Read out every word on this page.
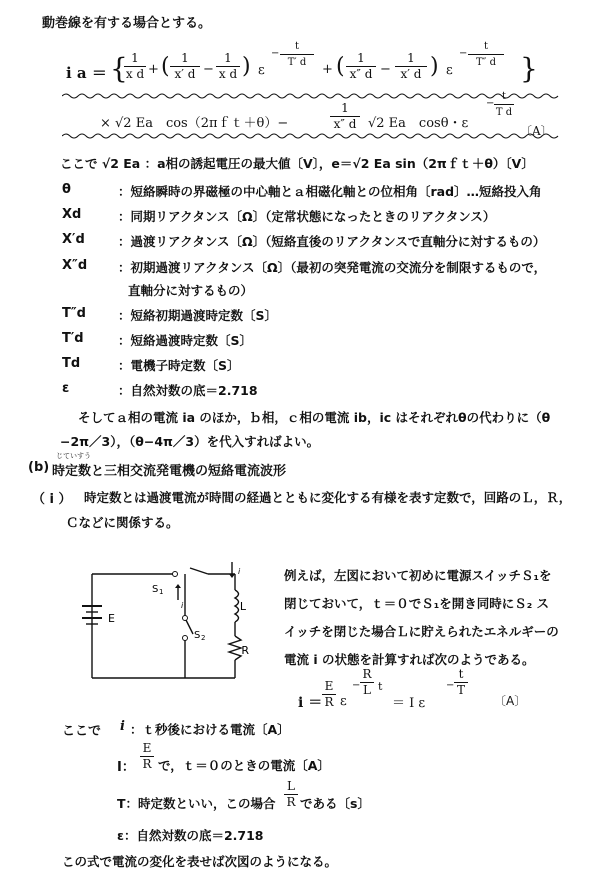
動巻線を有する場合とする。
i a ＝ { 1
x d + ( 1
x′ d −
1
x d ) ε
−
t
T′ d	+ (	1
x″ d −
1
x′ d ) ε
−
t
T″ d }
× √2 Ea　cos（2πｆｔ＋θ）−
1
x″ d √2 Ea　cosθ・ε
−
t
T d
〔A〕
ここで √2 Ea ：a相の誘起電圧の最大値〔V〕，e＝√2 Ea sin（2πｆｔ＋θ）〔V〕
θ	：短絡瞬時の界磁極の中心軸とａ相磁化軸との位相角〔rad〕…短絡投入角
Xd	：同期リアクタンス〔Ω〕（定常状態になったときのリアクタンス）
X′d	：過渡リアクタンス〔Ω〕（短絡直後のリアクタンスで直軸分に対するもの）
X″d ：初期過渡リアクタンス〔Ω〕（最初の突発電流の交流分を制限するもので，
直軸分に対するもの）
T″d	：短絡初期過渡時定数〔S〕
T′d	：短絡過渡時定数〔S〕
Td	：電機子時定数〔S〕
ε	：自然対数の底＝2.718
そしてａ相の電流 ia のほか，ｂ相，ｃ相の電流 ib，ic はそれぞれθの代わりに（θ
−2π／3），（θ−4π／3）を代入すればよい。
(b)
じていすう
時定数と三相交流発電機の短絡電流波形
（ i ） 時定数とは過渡電流が時間の経過とともに変化する有様を表す定数で，回路のＬ，Ｒ，
Ｃなどに関係する。
E
S 1
S 2
L
R
i
i	例えば，左図において初めに電源スイッチＳ₁を
閉じておいて，ｔ＝０でＳ₁を開き同時にＳ₂ ス
イッチを閉じた場合Ｌに貯えられたエネルギーの
電流 i の状態を計算すれば次のようである。
i ＝
E
R ε
−
R
L t
＝ I ε
−
t
T
〔A〕
ここで i ：ｔ秒後における電流〔A〕
I：
E
R で，ｔ＝０のときの電流〔A〕
T：時定数といい，この場合
L
R である〔s〕
ε：自然対数の底＝2.718
この式で電流の変化を表せば次図のようになる。
